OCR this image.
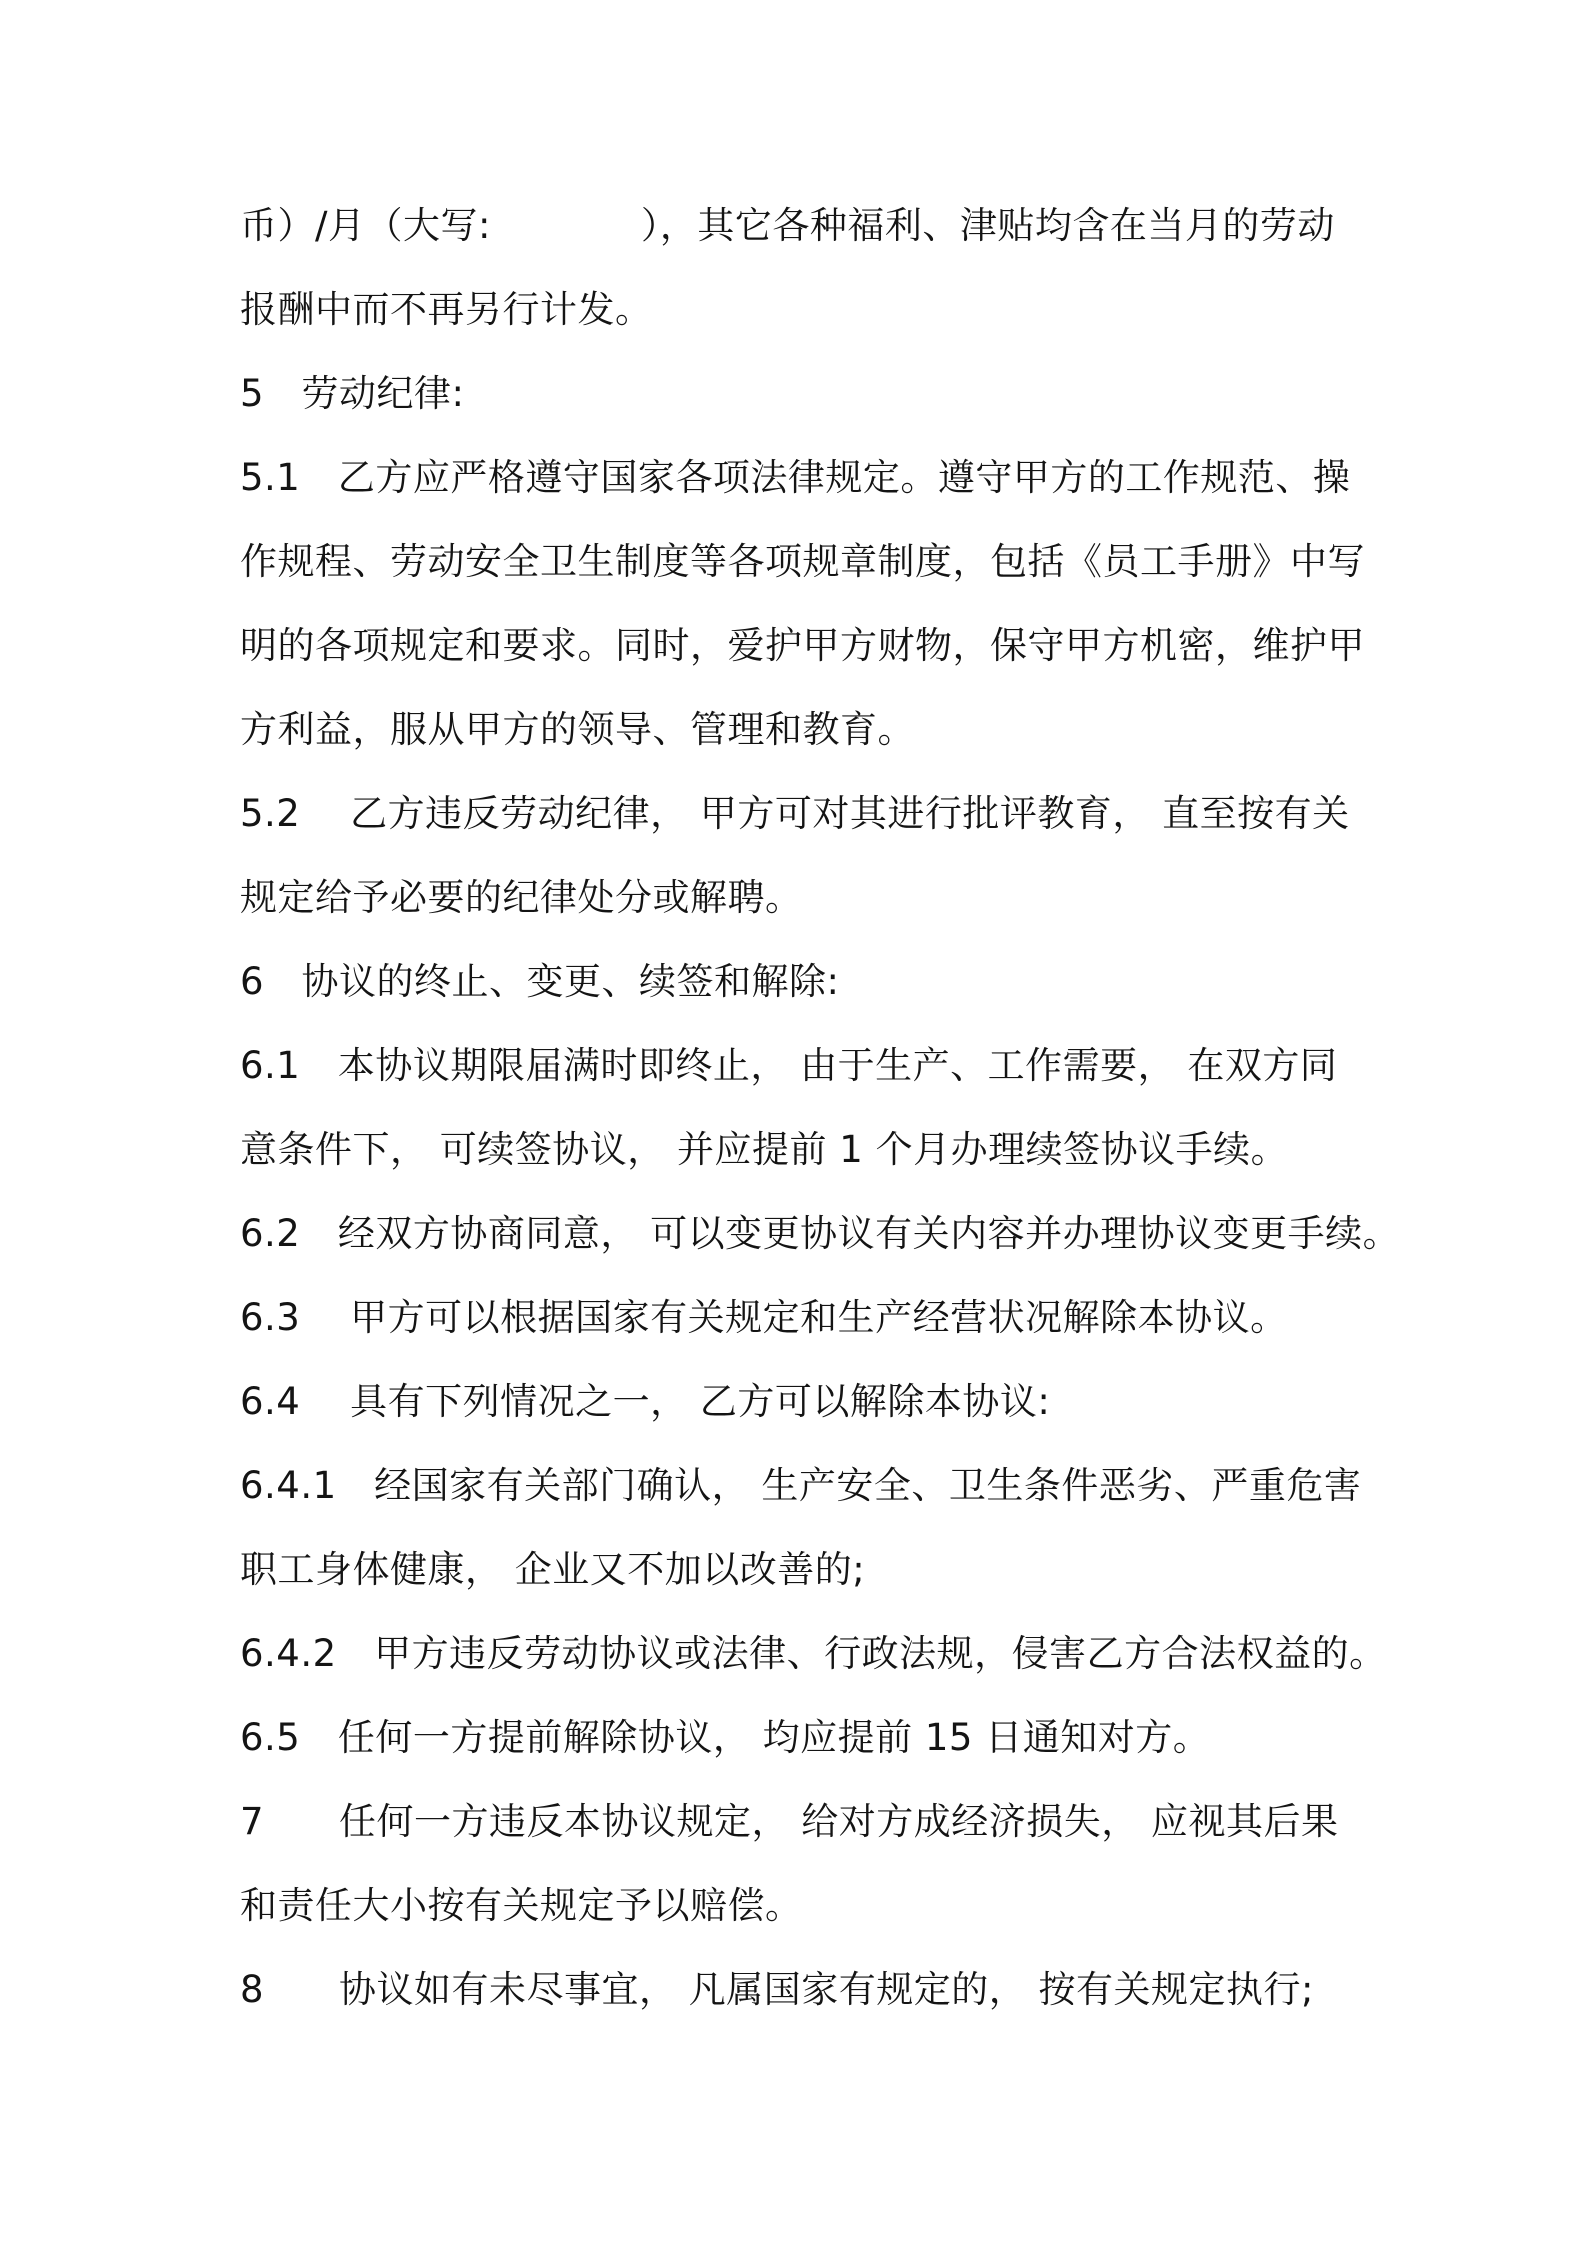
币）/月（大写:　　　　），其它各种福利、津贴均含在当月的劳动
报酬中而不再另行计发。
5　劳动纪律:
5.1　乙方应严格遵守国家各项法律规定。遵守甲方的工作规范、操
作规程、劳动安全卫生制度等各项规章制度，包括《员工手册》中写
明的各项规定和要求。同时，爱护甲方财物，保守甲方机密，维护甲
方利益，服从甲方的领导、管理和教育。
5.2　 乙方违反劳动纪律， 甲方可对其进行批评教育， 直至按有关
规定给予必要的纪律处分或解聘。
6　协议的终止、变更、续签和解除:
6.1　本协议期限届满时即终止， 由于生产、工作需要， 在双方同
意条件下， 可续签协议， 并应提前 1 个月办理续签协议手续。
6.2　经双方协商同意， 可以变更协议有关内容并办理协议变更手续。
6.3　 甲方可以根据国家有关规定和生产经营状况解除本协议。
6.4　 具有下列情况之一， 乙方可以解除本协议:
6.4.1　经国家有关部门确认， 生产安全、卫生条件恶劣、严重危害
职工身体健康， 企业又不加以改善的;
6.4.2　甲方违反劳动协议或法律、行政法规，侵害乙方合法权益的。
6.5　任何一方提前解除协议， 均应提前 15 日通知对方。
7　　任何一方违反本协议规定， 给对方成经济损失， 应视其后果
和责任大小按有关规定予以赔偿。
8　　协议如有未尽事宜， 凡属国家有规定的， 按有关规定执行;
